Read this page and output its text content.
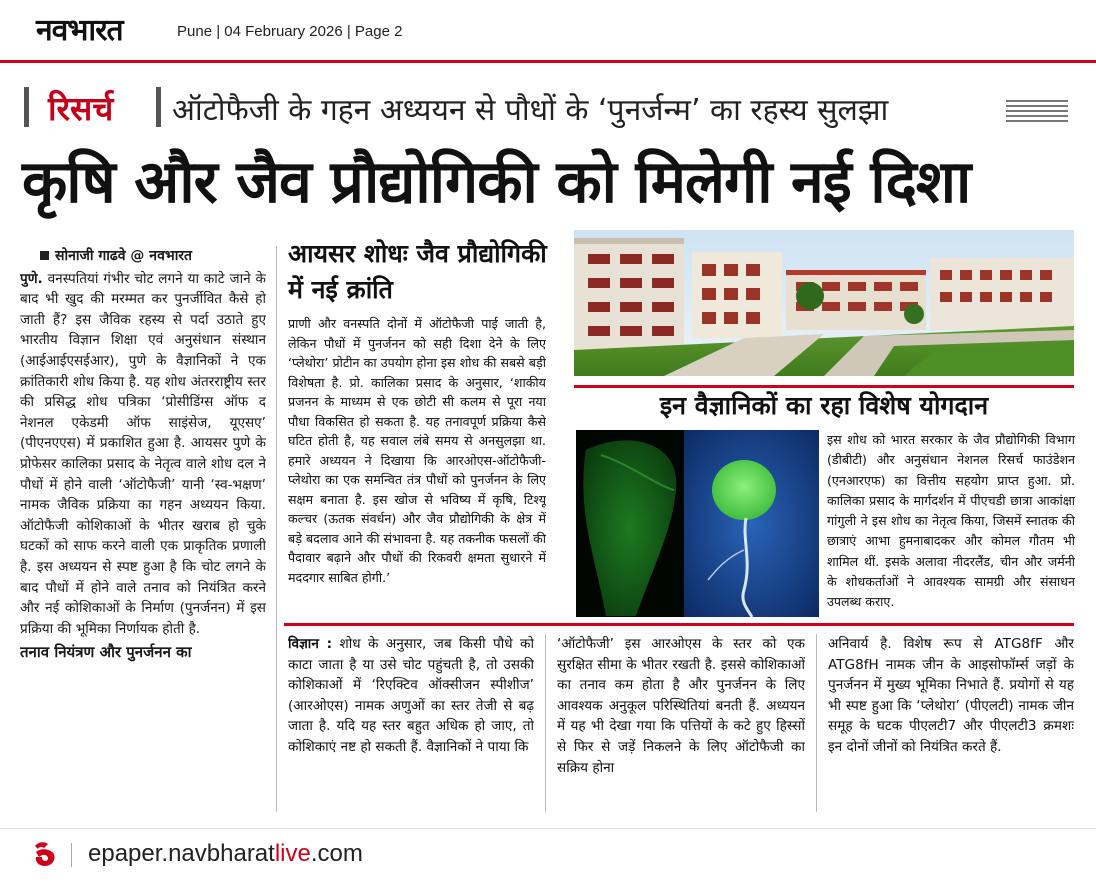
नवभारत	Pune | 04 February 2026 | Page 2
रिसर्च ऑटोफैजी के गहन अध्ययन से पौधों के ‘पुनर्जन्म’ का रहस्य सुलझा
कृषि और जैव प्रौद्योगिकी को मिलेगी नई दिशा
सोनाजी गाढवे @ नवभारत
पुणे. वनस्पतियां गंभीर चोट लगने या काटे जाने के बाद भी खुद की मरम्मत कर पुनर्जीवित कैसे हो जाती हैं? इस जैविक रहस्य से पर्दा उठाते हुए भारतीय विज्ञान शिक्षा एवं अनुसंधान संस्थान (आईआईएसईआर), पुणे के वैज्ञानिकों ने एक क्रांतिकारी शोध किया है. यह शोध अंतरराष्ट्रीय स्तर की प्रसिद्ध शोध पत्रिका ‘प्रोसीडिंग्स ऑफ द नेशनल एकेडमी ऑफ साइंसेज, यूएसए’ (पीएनएएस) में प्रकाशित हुआ है. आयसर पुणे के प्रोफेसर कालिका प्रसाद के नेतृत्व वाले शोध दल ने पौधों में होने वाली ‘ऑटोफैजी’ यानी ‘स्व-भक्षण’ नामक जैविक प्रक्रिया का गहन अध्ययन किया. ऑटोफैजी कोशिकाओं के भीतर खराब हो चुके घटकों को साफ करने वाली एक प्राकृतिक प्रणाली है. इस अध्ययन से स्पष्ट हुआ है कि चोट लगने के बाद पौधों में होने वाले तनाव को नियंत्रित करने और नई कोशिकाओं के निर्माण (पुनर्जनन) में इस प्रक्रिया की भूमिका निर्णायक होती है.
तनाव नियंत्रण और पुनर्जनन का
आयसर शोधः जैव प्रौद्योगिकी में नई क्रांति
प्राणी और वनस्पति दोनों में ऑटोफैजी पाई जाती है, लेकिन पौधों में पुनर्जनन को सही दिशा देने के लिए ‘प्लेथोरा’ प्रोटीन का उपयोग होना इस शोध की सबसे बड़ी विशेषता है. प्रो. कालिका प्रसाद के अनुसार, ‘शाकीय प्रजनन के माध्यम से एक छोटी सी कलम से पूरा नया पौधा विकसित हो सकता है. यह तनावपूर्ण प्रक्रिया कैसे घटित होती है, यह सवाल लंबे समय से अनसुलझा था. हमारे अध्ययन ने दिखाया कि आरओएस-ऑटोफैजी-प्लेथोरा का एक समन्वित तंत्र पौधों को पुनर्जनन के लिए सक्षम बनाता है. इस खोज से भविष्य में कृषि, टिश्यू कल्चर (ऊतक संवर्धन) और जैव प्रौद्योगिकी के क्षेत्र में बड़े बदलाव आने की संभावना है. यह तकनीक फसलों की पैदावार बढ़ाने और पौधों की रिकवरी क्षमता सुधारने में मददगार साबित होगी.’
इन वैज्ञानिकों का रहा विशेष योगदान
इस शोध को भारत सरकार के जैव प्रौद्योगिकी विभाग (डीबीटी) और अनुसंधान नेशनल रिसर्च फाउंडेशन (एनआरएफ) का वित्तीय सहयोग प्राप्त हुआ. प्रो. कालिका प्रसाद के मार्गदर्शन में पीएचडी छात्रा आकांक्षा गांगुली ने इस शोध का नेतृत्व किया, जिसमें स्नातक की छात्राएं आभा हुमनाबादकर और कोमल गौतम भी शामिल थीं. इसके अलावा नीदरलैंड, चीन और जर्मनी के शोधकर्ताओं ने आवश्यक सामग्री और संसाधन उपलब्ध कराए.
विज्ञान : शोध के अनुसार, जब किसी पौधे को काटा जाता है या उसे चोट पहुंचती है, तो उसकी कोशिकाओं में ‘रिएक्टिव ऑक्सीजन स्पीशीज’ (आरओएस) नामक अणुओं का स्तर तेजी से बढ़ जाता है. यदि यह स्तर बहुत अधिक हो जाए, तो कोशिकाएं नष्ट हो सकती हैं. वैज्ञानिकों ने पाया कि
‘ऑटोफैजी’ इस आरओएस के स्तर को एक सुरक्षित सीमा के भीतर रखती है. इससे कोशिकाओं का तनाव कम होता है और पुनर्जनन के लिए आवश्यक अनुकूल परिस्थितियां बनती हैं. अध्ययन में यह भी देखा गया कि पत्तियों के कटे हुए हिस्सों से फिर से जड़ें निकलने के लिए ऑटोफैजी का सक्रिय होना
अनिवार्य है. विशेष रूप से ATG8fF और ATG8fH नामक जीन के आइसोफॉर्म्स जड़ों के पुनर्जनन में मुख्य भूमिका निभाते हैं. प्रयोगों से यह भी स्पष्ट हुआ कि ‘प्लेथोरा’ (पीएलटी) नामक जीन समूह के घटक पीएलटी7 और पीएलटी3 क्रमशः इन दोनों जीनों को नियंत्रित करते हैं.
epaper.navbharatlive.com
